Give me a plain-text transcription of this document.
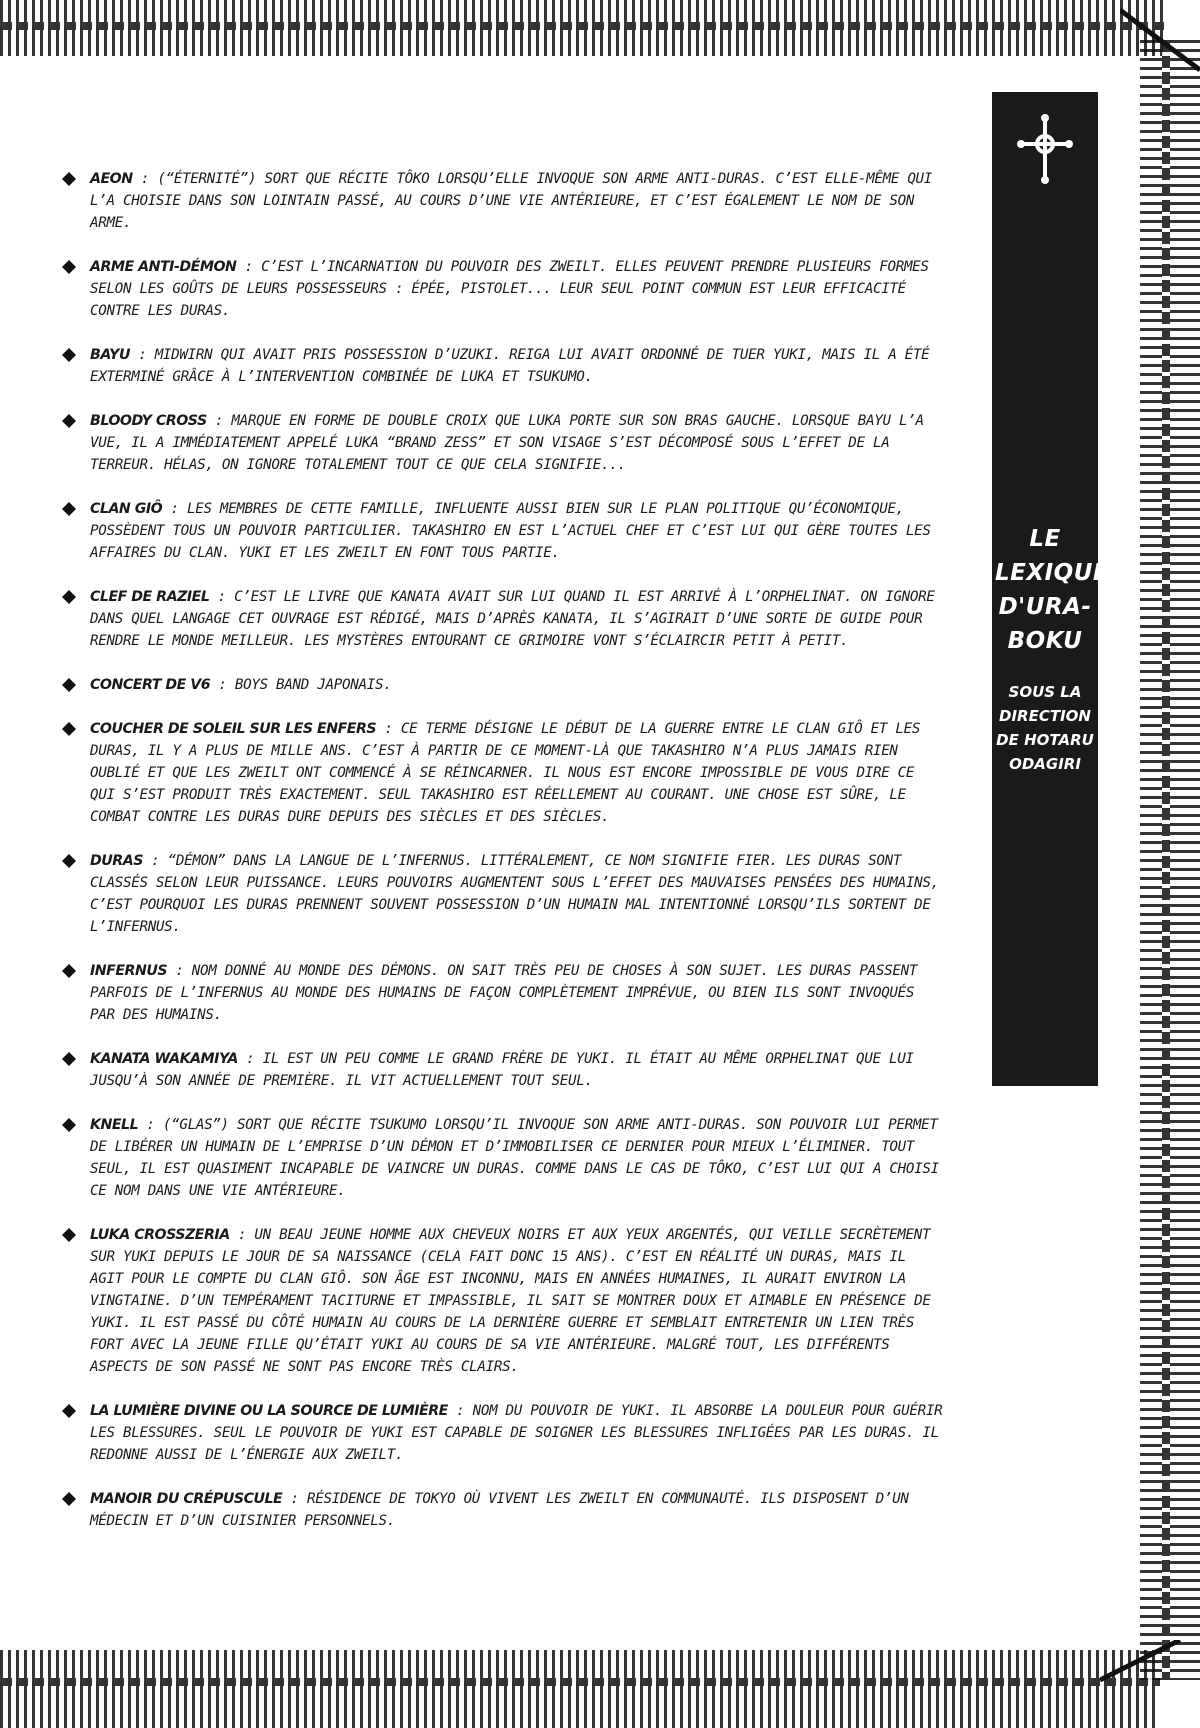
LE
LEXIQUE
D'URA-
BOKU
SOUS LA
DIRECTION
DE HOTARU
ODAGIRI
AEON : (“ÉTERNITÉ”) SORT QUE RÉCITE TÔKO LORSQU’ELLE INVOQUE SON ARME ANTI-DURAS. C’EST ELLE-MÊME QUI L’A CHOISIE DANS SON LOINTAIN PASSÉ, AU COURS D’UNE VIE ANTÉRIEURE, ET C’EST ÉGALEMENT LE NOM DE SON ARME.
ARME ANTI-DÉMON : C’EST L’INCARNATION DU POUVOIR DES ZWEILT. ELLES PEUVENT PRENDRE PLUSIEURS FORMES SELON LES GOÛTS DE LEURS POSSESSEURS : ÉPÉE, PISTOLET... LEUR SEUL POINT COMMUN EST LEUR EFFICACITÉ CONTRE LES DURAS.
BAYU : MIDWIRN QUI AVAIT PRIS POSSESSION D’UZUKI. REIGA LUI AVAIT ORDONNÉ DE TUER YUKI, MAIS IL A ÉTÉ EXTERMINÉ GRÂCE À L’INTERVENTION COMBINÉE DE LUKA ET TSUKUMO.
BLOODY CROSS : MARQUE EN FORME DE DOUBLE CROIX QUE LUKA PORTE SUR SON BRAS GAUCHE. LORSQUE BAYU L’A VUE, IL A IMMÉDIATEMENT APPELÉ LUKA “BRAND ZESS” ET SON VISAGE S’EST DÉCOMPOSÉ SOUS L’EFFET DE LA TERREUR. HÉLAS, ON IGNORE TOTALEMENT TOUT CE QUE CELA SIGNIFIE...
CLAN GIÔ : LES MEMBRES DE CETTE FAMILLE, INFLUENTE AUSSI BIEN SUR LE PLAN POLITIQUE QU’ÉCONOMIQUE, POSSÈDENT TOUS UN POUVOIR PARTICULIER. TAKASHIRO EN EST L’ACTUEL CHEF ET C’EST LUI QUI GÈRE TOUTES LES AFFAIRES DU CLAN. YUKI ET LES ZWEILT EN FONT TOUS PARTIE.
CLEF DE RAZIEL : C’EST LE LIVRE QUE KANATA AVAIT SUR LUI QUAND IL EST ARRIVÉ À L’ORPHELINAT. ON IGNORE DANS QUEL LANGAGE CET OUVRAGE EST RÉDIGÉ, MAIS D’APRÈS KANATA, IL S’AGIRAIT D’UNE SORTE DE GUIDE POUR RENDRE LE MONDE MEILLEUR. LES MYSTÈRES ENTOURANT CE GRIMOIRE VONT S’ÉCLAIRCIR PETIT À PETIT.
CONCERT DE V6 : BOYS BAND JAPONAIS.
COUCHER DE SOLEIL SUR LES ENFERS : CE TERME DÉSIGNE LE DÉBUT DE LA GUERRE ENTRE LE CLAN GIÔ ET LES DURAS, IL Y A PLUS DE MILLE ANS. C’EST À PARTIR DE CE MOMENT-LÀ QUE TAKASHIRO N’A PLUS JAMAIS RIEN OUBLIÉ ET QUE LES ZWEILT ONT COMMENCÉ À SE RÉINCARNER. IL NOUS EST ENCORE IMPOSSIBLE DE VOUS DIRE CE QUI S’EST PRODUIT TRÈS EXACTEMENT. SEUL TAKASHIRO EST RÉELLEMENT AU COURANT. UNE CHOSE EST SÛRE, LE COMBAT CONTRE LES DURAS DURE DEPUIS DES SIÈCLES ET DES SIÈCLES.
DURAS : “DÉMON” DANS LA LANGUE DE L’INFERNUS. LITTÉRALEMENT, CE NOM SIGNIFIE FIER. LES DURAS SONT CLASSÉS SELON LEUR PUISSANCE. LEURS POUVOIRS AUGMENTENT SOUS L’EFFET DES MAUVAISES PENSÉES DES HUMAINS, C’EST POURQUOI LES DURAS PRENNENT SOUVENT POSSESSION D’UN HUMAIN MAL INTENTIONNÉ LORSQU’ILS SORTENT DE L’INFERNUS.
INFERNUS : NOM DONNÉ AU MONDE DES DÉMONS. ON SAIT TRÈS PEU DE CHOSES À SON SUJET. LES DURAS PASSENT PARFOIS DE L’INFERNUS AU MONDE DES HUMAINS DE FAÇON COMPLÈTEMENT IMPRÉVUE, OU BIEN ILS SONT INVOQUÉS PAR DES HUMAINS.
KANATA WAKAMIYA : IL EST UN PEU COMME LE GRAND FRÈRE DE YUKI. IL ÉTAIT AU MÊME ORPHELINAT QUE LUI JUSQU’À SON ANNÉE DE PREMIÈRE. IL VIT ACTUELLEMENT TOUT SEUL.
KNELL : (“GLAS”) SORT QUE RÉCITE TSUKUMO LORSQU’IL INVOQUE SON ARME ANTI-DURAS. SON POUVOIR LUI PERMET DE LIBÉRER UN HUMAIN DE L’EMPRISE D’UN DÉMON ET D’IMMOBILISER CE DERNIER POUR MIEUX L’ÉLIMINER. TOUT SEUL, IL EST QUASIMENT INCAPABLE DE VAINCRE UN DURAS. COMME DANS LE CAS DE TÔKO, C’EST LUI QUI A CHOISI CE NOM DANS UNE VIE ANTÉRIEURE.
LUKA CROSSZERIA : UN BEAU JEUNE HOMME AUX CHEVEUX NOIRS ET AUX YEUX ARGENTÉS, QUI VEILLE SECRÈTEMENT SUR YUKI DEPUIS LE JOUR DE SA NAISSANCE (CELA FAIT DONC 15 ANS). C’EST EN RÉALITÉ UN DURAS, MAIS IL AGIT POUR LE COMPTE DU CLAN GIÔ. SON ÂGE EST INCONNU, MAIS EN ANNÉES HUMAINES, IL AURAIT ENVIRON LA VINGTAINE. D’UN TEMPÉRAMENT TACITURNE ET IMPASSIBLE, IL SAIT SE MONTRER DOUX ET AIMABLE EN PRÉSENCE DE YUKI. IL EST PASSÉ DU CÔTÉ HUMAIN AU COURS DE LA DERNIÈRE GUERRE ET SEMBLAIT ENTRETENIR UN LIEN TRÈS FORT AVEC LA JEUNE FILLE QU’ÉTAIT YUKI AU COURS DE SA VIE ANTÉRIEURE. MALGRÉ TOUT, LES DIFFÉRENTS ASPECTS DE SON PASSÉ NE SONT PAS ENCORE TRÈS CLAIRS.
LA LUMIÈRE DIVINE OU LA SOURCE DE LUMIÈRE : NOM DU POUVOIR DE YUKI. IL ABSORBE LA DOULEUR POUR GUÉRIR LES BLESSURES. SEUL LE POUVOIR DE YUKI EST CAPABLE DE SOIGNER LES BLESSURES INFLIGÉES PAR LES DURAS. IL REDONNE AUSSI DE L’ÉNERGIE AUX ZWEILT.
MANOIR DU CRÉPUSCULE : RÉSIDENCE DE TOKYO OÙ VIVENT LES ZWEILT EN COMMUNAUTÉ. ILS DISPOSENT D’UN MÉDECIN ET D’UN CUISINIER PERSONNELS.
